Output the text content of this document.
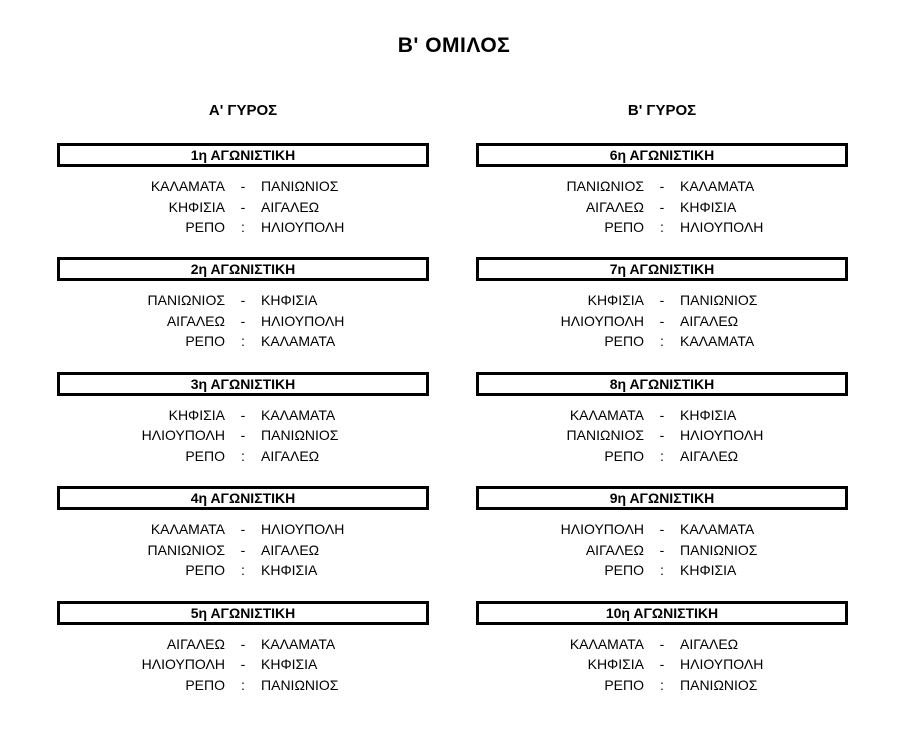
Β' ΟΜΙΛΟΣ
Α' ΓΥΡΟΣ	Β' ΓΥΡΟΣ
1η ΑΓΩΝΙΣΤΙΚΗ
ΚΑΛΑΜΑΤΑ	-	ΠΑΝΙΩΝΙΟΣ
ΚΗΦΙΣΙΑ	-	ΑΙΓΑΛΕΩ
ΡΕΠΟ	:	ΗΛΙΟΥΠΟΛΗ
2η ΑΓΩΝΙΣΤΙΚΗ
ΠΑΝΙΩΝΙΟΣ	-	ΚΗΦΙΣΙΑ
ΑΙΓΑΛΕΩ	-	ΗΛΙΟΥΠΟΛΗ
ΡΕΠΟ	:	ΚΑΛΑΜΑΤΑ
3η ΑΓΩΝΙΣΤΙΚΗ
ΚΗΦΙΣΙΑ	-	ΚΑΛΑΜΑΤΑ
ΗΛΙΟΥΠΟΛΗ	-	ΠΑΝΙΩΝΙΟΣ
ΡΕΠΟ	:	ΑΙΓΑΛΕΩ
4η ΑΓΩΝΙΣΤΙΚΗ
ΚΑΛΑΜΑΤΑ	-	ΗΛΙΟΥΠΟΛΗ
ΠΑΝΙΩΝΙΟΣ	-	ΑΙΓΑΛΕΩ
ΡΕΠΟ	:	ΚΗΦΙΣΙΑ
5η ΑΓΩΝΙΣΤΙΚΗ
ΑΙΓΑΛΕΩ	-	ΚΑΛΑΜΑΤΑ
ΗΛΙΟΥΠΟΛΗ	-	ΚΗΦΙΣΙΑ
ΡΕΠΟ	:	ΠΑΝΙΩΝΙΟΣ
6η ΑΓΩΝΙΣΤΙΚΗ
ΠΑΝΙΩΝΙΟΣ	-	ΚΑΛΑΜΑΤΑ
ΑΙΓΑΛΕΩ	-	ΚΗΦΙΣΙΑ
ΡΕΠΟ	:	ΗΛΙΟΥΠΟΛΗ
7η ΑΓΩΝΙΣΤΙΚΗ
ΚΗΦΙΣΙΑ	-	ΠΑΝΙΩΝΙΟΣ
ΗΛΙΟΥΠΟΛΗ	-	ΑΙΓΑΛΕΩ
ΡΕΠΟ	:	ΚΑΛΑΜΑΤΑ
8η ΑΓΩΝΙΣΤΙΚΗ
ΚΑΛΑΜΑΤΑ	-	ΚΗΦΙΣΙΑ
ΠΑΝΙΩΝΙΟΣ	-	ΗΛΙΟΥΠΟΛΗ
ΡΕΠΟ	:	ΑΙΓΑΛΕΩ
9η ΑΓΩΝΙΣΤΙΚΗ
ΗΛΙΟΥΠΟΛΗ	-	ΚΑΛΑΜΑΤΑ
ΑΙΓΑΛΕΩ	-	ΠΑΝΙΩΝΙΟΣ
ΡΕΠΟ	:	ΚΗΦΙΣΙΑ
10η ΑΓΩΝΙΣΤΙΚΗ
ΚΑΛΑΜΑΤΑ	-	ΑΙΓΑΛΕΩ
ΚΗΦΙΣΙΑ	-	ΗΛΙΟΥΠΟΛΗ
ΡΕΠΟ	:	ΠΑΝΙΩΝΙΟΣ
